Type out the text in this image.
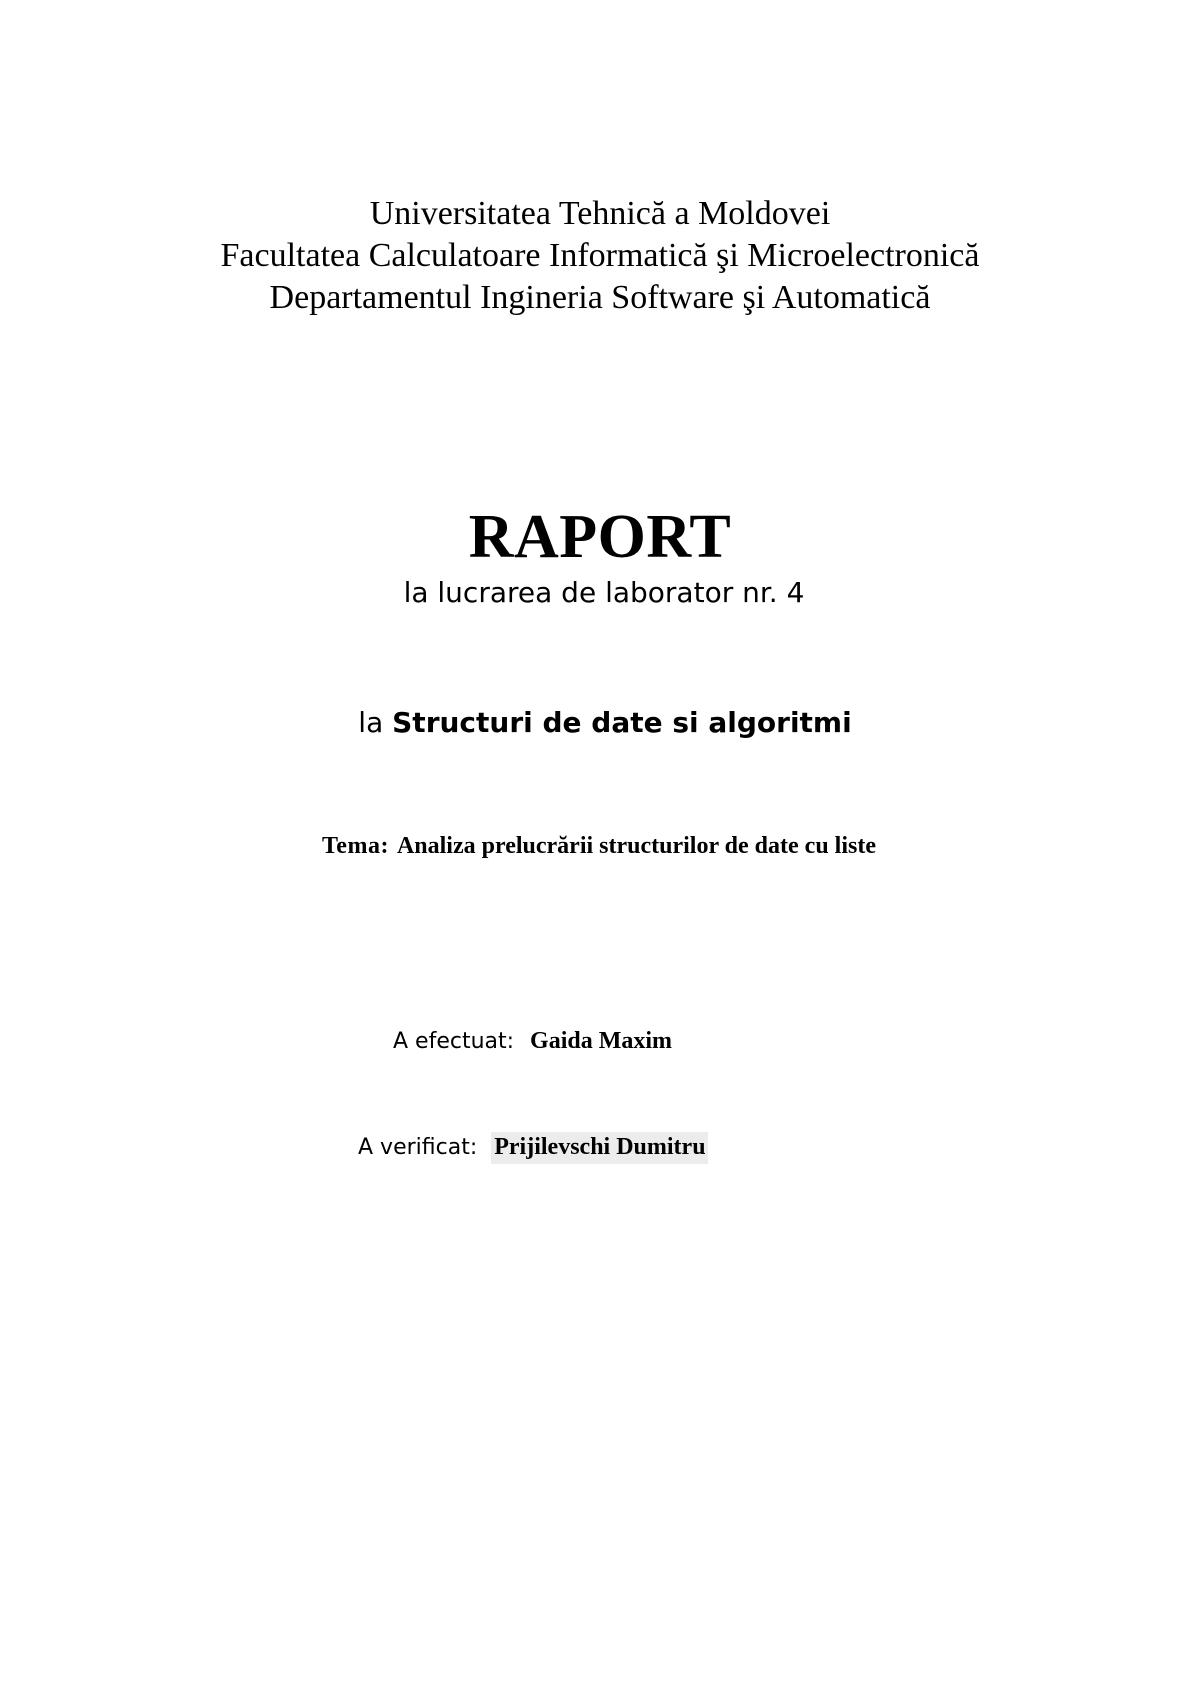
Universitatea Tehnică a Moldovei
Facultatea Calculatoare Informatică şi Microelectronică
Departamentul Ingineria Software şi Automatică
RAPORT
la lucrarea de laborator nr. 4
la Structuri de date si algoritmi
Tema: Analiza prelucrării structurilor de date cu liste
A efectuat: Gaida Maxim
A verificat: Prijilevschi Dumitru
